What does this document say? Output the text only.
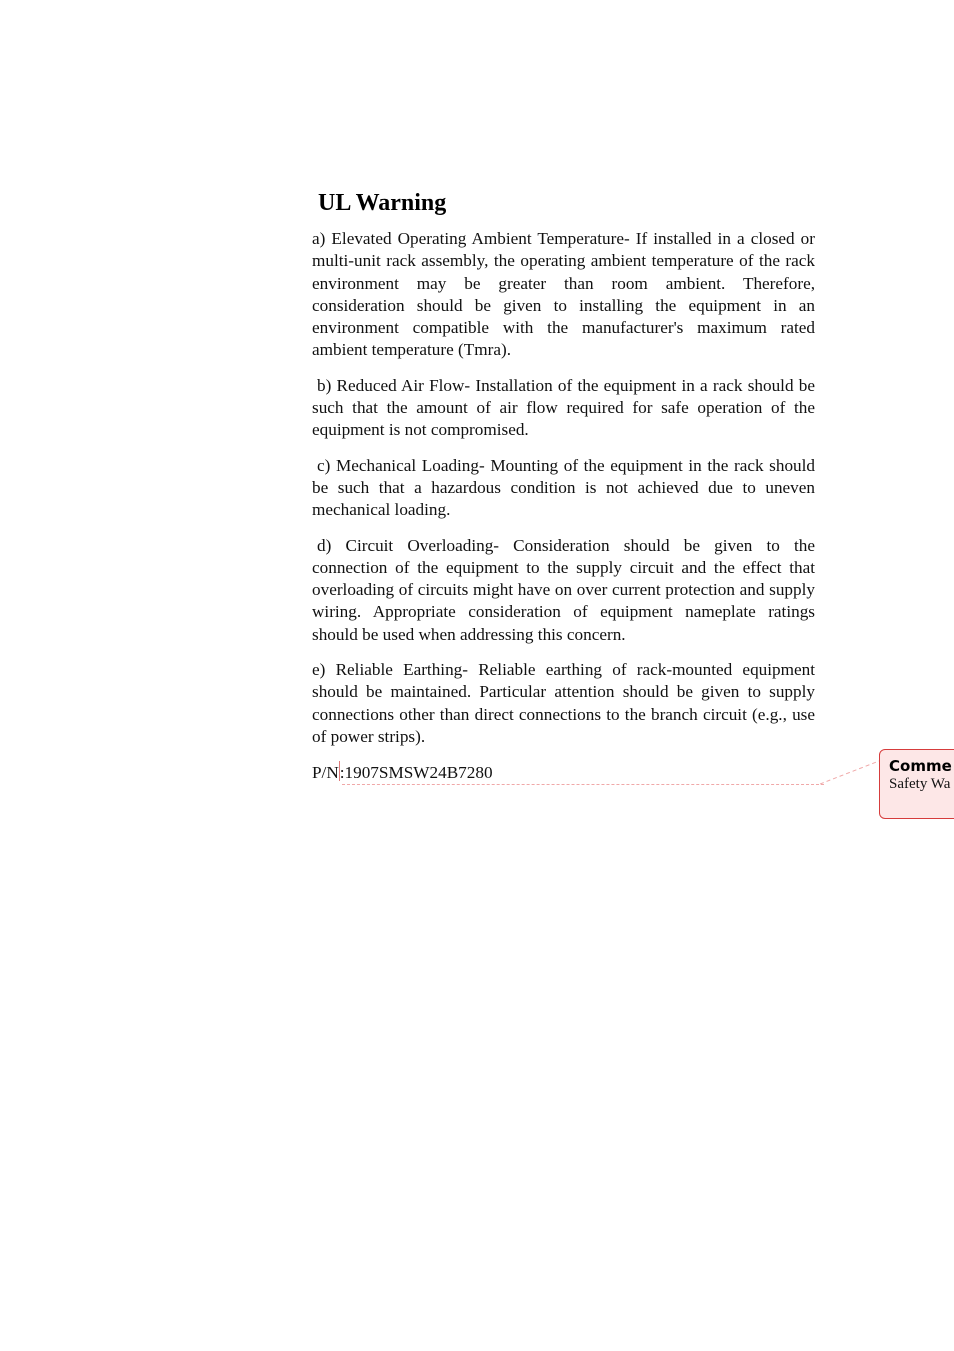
UL Warning

a) Elevated Operating Ambient Temperature- If installed in a closed or multi-unit rack assembly, the operating ambient temperature of the rack environment may be greater than room ambient. Therefore, consideration should be given to installing the equipment in an environment compatible with the manufacturer's maximum rated ambient temperature (Tmra).

b) Reduced Air Flow- Installation of the equipment in a rack should be such that the amount of air flow required for safe operation of the equipment is not compromised.

c) Mechanical Loading- Mounting of the equipment in the rack should be such that a hazardous condition is not achieved due to uneven mechanical loading.

d) Circuit Overloading- Consideration should be given to the connection of the equipment to the supply circuit and the effect that overloading of circuits might have on over current protection and supply wiring. Appropriate consideration of equipment nameplate ratings should be used when addressing this concern.

e) Reliable Earthing- Reliable earthing of rack-mounted equipment should be maintained. Particular attention should be given to supply connections other than direct connections to the branch circuit (e.g., use of power strips).

P/N:1907SMSW24B7280	Comme
Safety Wa
